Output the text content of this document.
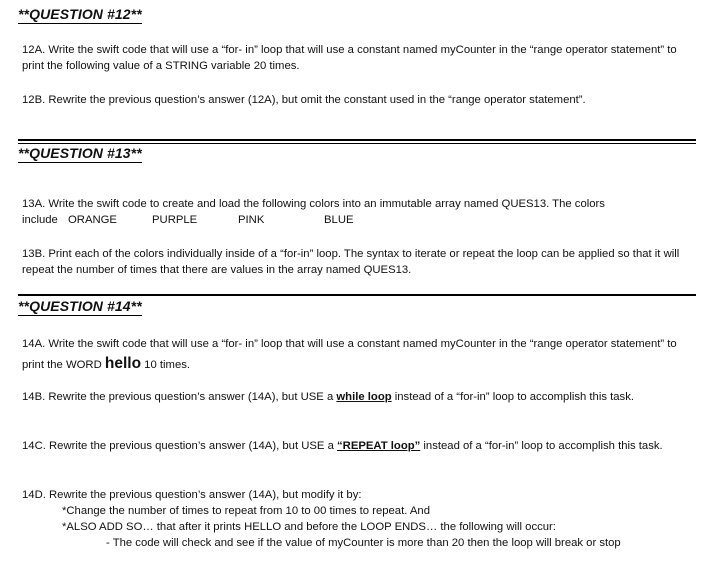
**QUESTION #12**
12A. Write the swift code that will use a “for- in” loop that will use a constant named myCounter in the “range operator statement” to print the following value of a STRING variable 20 times.
12B. Rewrite the previous question’s answer (12A), but omit the constant used in the “range operator statement”.
**QUESTION #13**
13A. Write the swift code to create and load the following colors into an immutable array named QUES13. The colors
include ORANGE	PURPLE	PINK	BLUE
13B. Print each of the colors individually inside of a “for-in” loop. The syntax to iterate or repeat the loop can be applied so that it will repeat the number of times that there are values in the array named QUES13.
**QUESTION #14**
14A. Write the swift code that will use a “for- in” loop that will use a constant named myCounter in the “range operator statement” to print the WORD hello 10 times.
14B. Rewrite the previous question’s answer (14A), but USE a while loop instead of a “for-in” loop to accomplish this task.
14C. Rewrite the previous question’s answer (14A), but USE a “REPEAT loop” instead of a “for-in” loop to accomplish this task.
14D. Rewrite the previous question’s answer (14A), but modify it by:
*Change the number of times to repeat from 10 to 00 times to repeat. And
*ALSO ADD SO… that after it prints HELLO and before the LOOP ENDS… the following will occur:
- The code will check and see if the value of myCounter is more than 20 then the loop will break or stop
